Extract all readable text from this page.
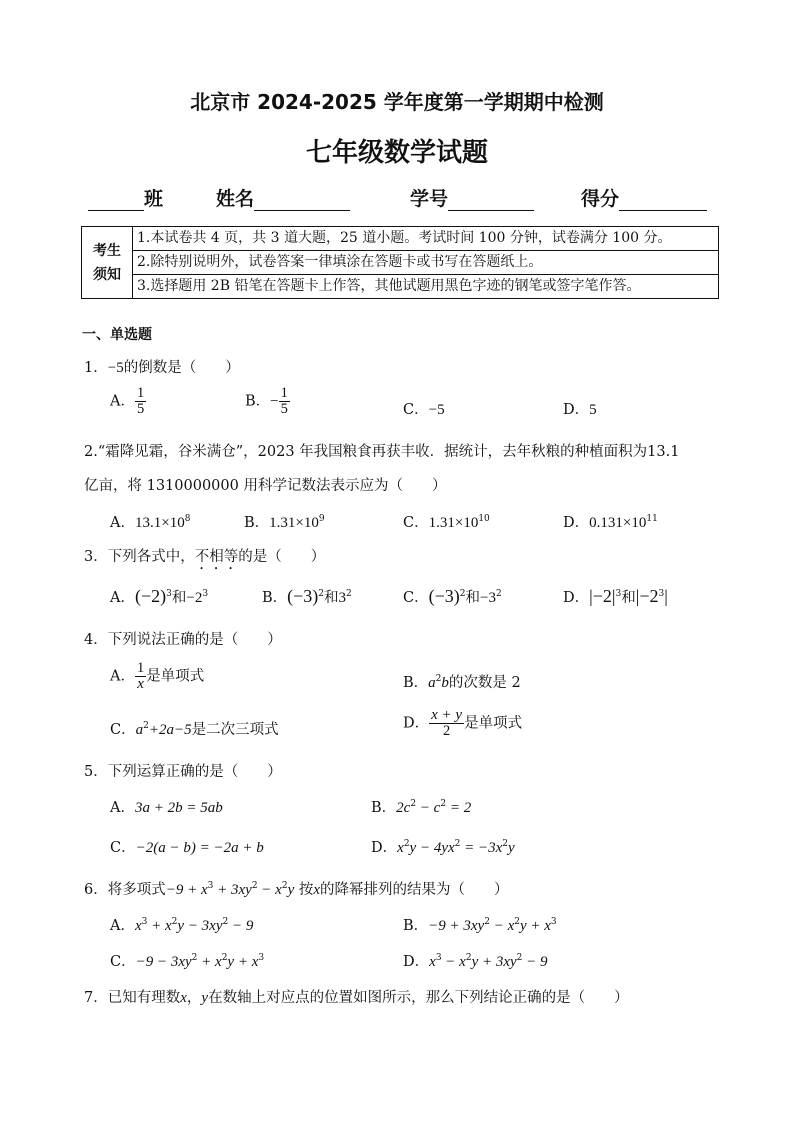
北京市 2024-2025 学年度第一学期期中检测
七年级数学试题
班	姓名	学号	得分
考生
须知	1.本试卷共 4 页，共 3 道大题，25 道小题。考试时间 100 分钟，试卷满分 100 分。
2.除特别说明外，试卷答案一律填涂在答题卡或书写在答题纸上。
3.选择题用 2B 铅笔在答题卡上作答，其他试题用黑色字迹的钢笔或签字笔作答。
一、单选题
1．−5的倒数是（　　）
A． $\frac{1}{5}$	B．− $\frac{1}{5}$	C．−5	D．5
2.“霜降见霜，谷米满仓”，2023 年我国粮食再获丰收．据统计，去年秋粮的种植面积为13.1
亿亩，将 1310000000 用科学记数法表示应为（　　）
A．$13.1\times 10^8$	B．$1.31\times 10^9$	C．$1.31\times 10^{10}$	D．$0.131\times 10^{11}$
3．下列各式中，不相等的是（　　）
A．$(-2)^3$和$-2^3$	B．$(-3)^2$和$3^2$	C．$(-3)^2$和$-3^2$	D．$|-2|^3$和$|-2^3|$
4．下列说法正确的是（　　）
A． $\frac{1}{x}$ 是单项式	B．$a^2b$的次数是 2
C．$a^2+2a-5$是二次三项式	D． $\frac{x + y}{2}$ 是单项式
5．下列运算正确的是（　　）
A．3a + 2b = 5ab	B．$2c^2 - c^2 = 2$
C．−2(a − b) = −2a + b	D．$x^2y - 4yx^2 = -3x^2y$
6．将多项式$-9 + x^3 + 3xy^2 - x^2y$ 按x的降幂排列的结果为（　　）
A．$x^3 + x^2y - 3xy^2 - 9$	B．$-9 + 3xy^2 - x^2y + x^3$
C．$-9 - 3xy^2 + x^2y + x^3$	D．$x^3 - x^2y + 3xy^2 - 9$
7．已知有理数x，y在数轴上对应点的位置如图所示，那么下列结论正确的是（　　）
